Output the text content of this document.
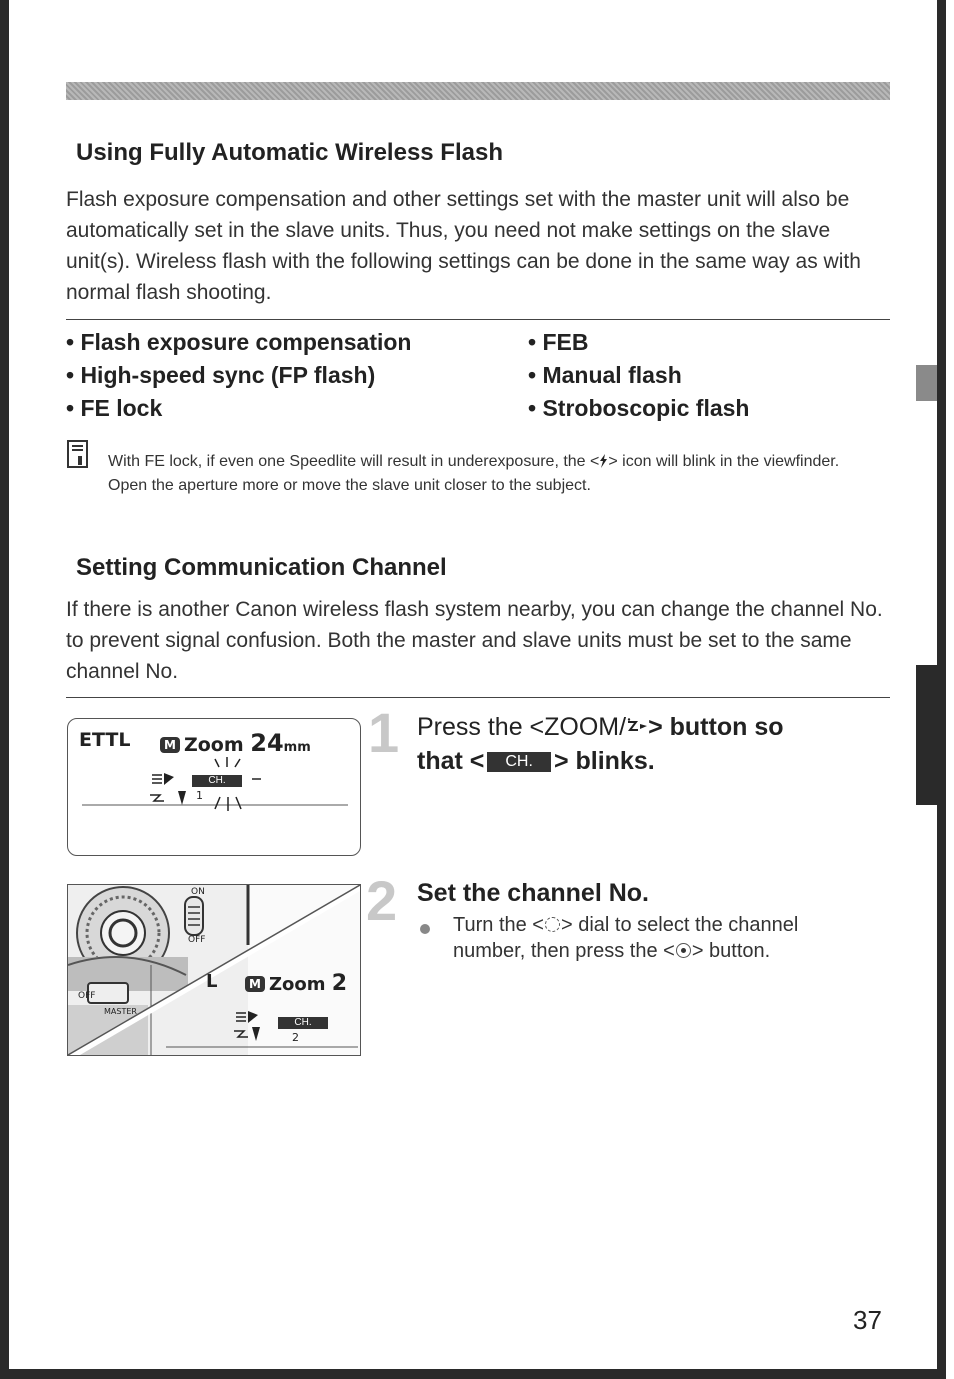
Using Fully Automatic Wireless Flash

Flash exposure compensation and other settings set with the master unit will also be automatically set in the slave units. Thus, you need not make settings on the slave unit(s). Wireless flash with the following settings can be done in the same way as with normal flash shooting.

• Flash exposure compensation
• High-speed sync (FP flash)
• FE lock
• FEB
• Manual flash
• Stroboscopic flash

With FE lock, if even one Speedlite will result in underexposure, the < > icon will blink in the viewfinder. Open the aperture more or move the slave unit closer to the subject.

Setting Communication Channel

If there is another Canon wireless flash system nearby, you can change the channel No. to prevent signal confusion. Both the master and slave units must be set to the same channel No.

ETTL	M Zoom 24mm
CH.
1
1 Press the <ZOOM/ > button so
that < CH. > blinks.
ON
OFF
OFF
MASTER
L	M Zoom 2
CH.
2
2 Set the channel No.

Turn the < > dial to select the channel number, then press the < > button.

37
